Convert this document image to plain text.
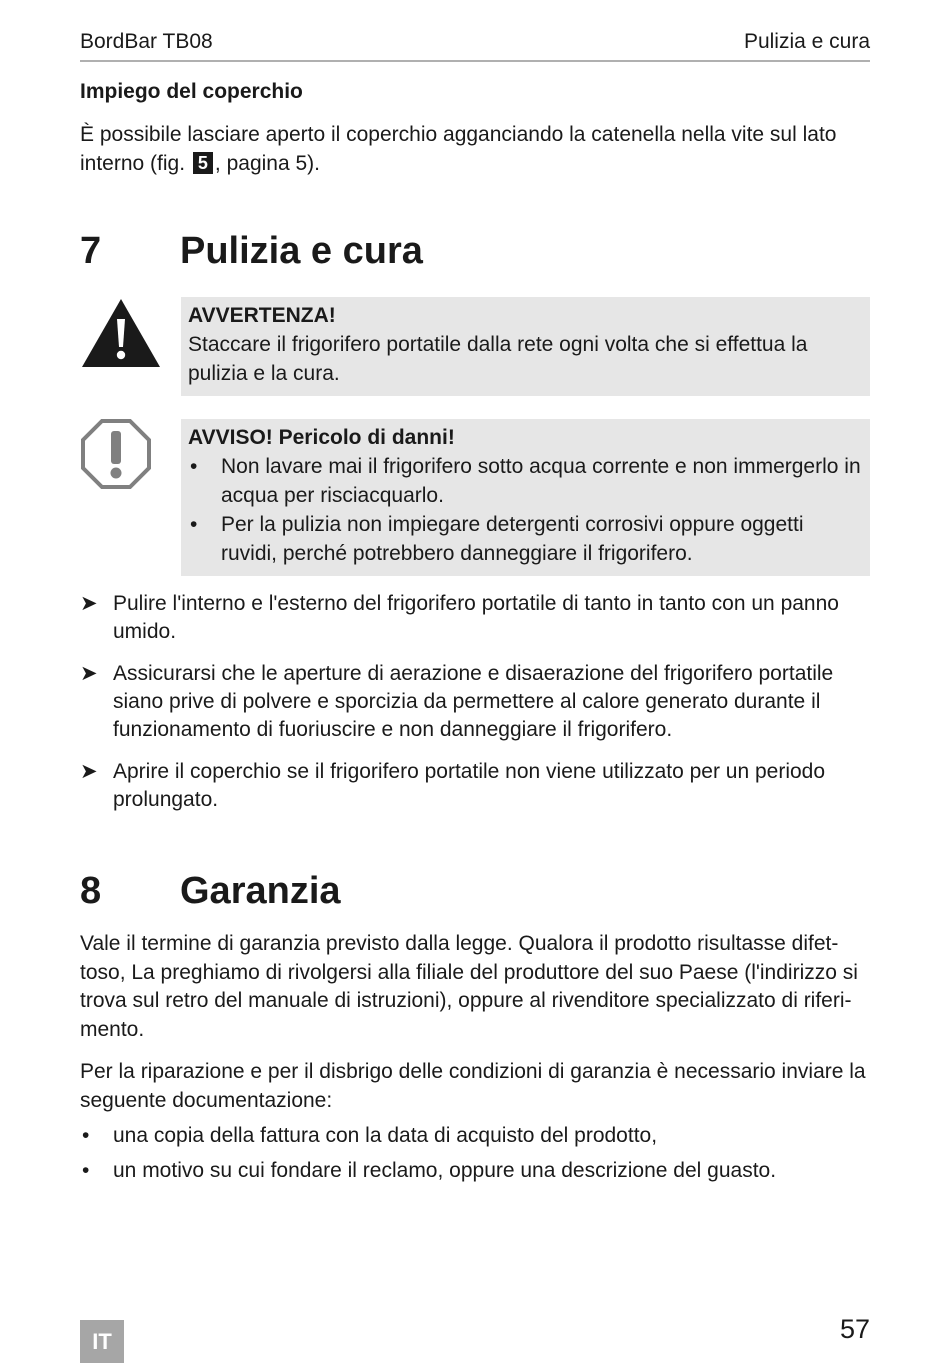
BordBar TB08	Pulizia e cura
Impiego del coperchio
È possibile lasciare aperto il coperchio agganciando la catenella nella vite sul lato interno (fig. 5 , pagina 5).
7 Pulizia e cura
AVVERTENZA!
Staccare il frigorifero portatile dalla rete ogni volta che si effettua la pulizia e la cura.
AVVISO! Pericolo di danni!
• Non lavare mai il frigorifero sotto acqua corrente e non immergerlo in acqua per risciacquarlo.
• Per la pulizia non impiegare detergenti corrosivi oppure oggetti ruvidi, perché potrebbero danneggiare il frigorifero.
➤ Pulire l'interno e l'esterno del frigorifero portatile di tanto in tanto con un panno umido.
➤ Assicurarsi che le aperture di aerazione e disaerazione del frigorifero portatile siano prive di polvere e sporcizia da permettere al calore generato durante il funzionamento di fuoriuscire e non danneggiare il frigorifero.
➤ Aprire il coperchio se il frigorifero portatile non viene utilizzato per un periodo prolungato.
8 Garanzia
Vale il termine di garanzia previsto dalla legge. Qualora il prodotto risultasse difettoso, La preghiamo di rivolgersi alla filiale del produttore del suo Paese (l'indirizzo si trova sul retro del manuale di istruzioni), oppure al rivenditore specializzato di riferimento.
Per la riparazione e per il disbrigo delle condizioni di garanzia è necessario inviare la seguente documentazione:
• una copia della fattura con la data di acquisto del prodotto,
• un motivo su cui fondare il reclamo, oppure una descrizione del guasto.
IT	57
